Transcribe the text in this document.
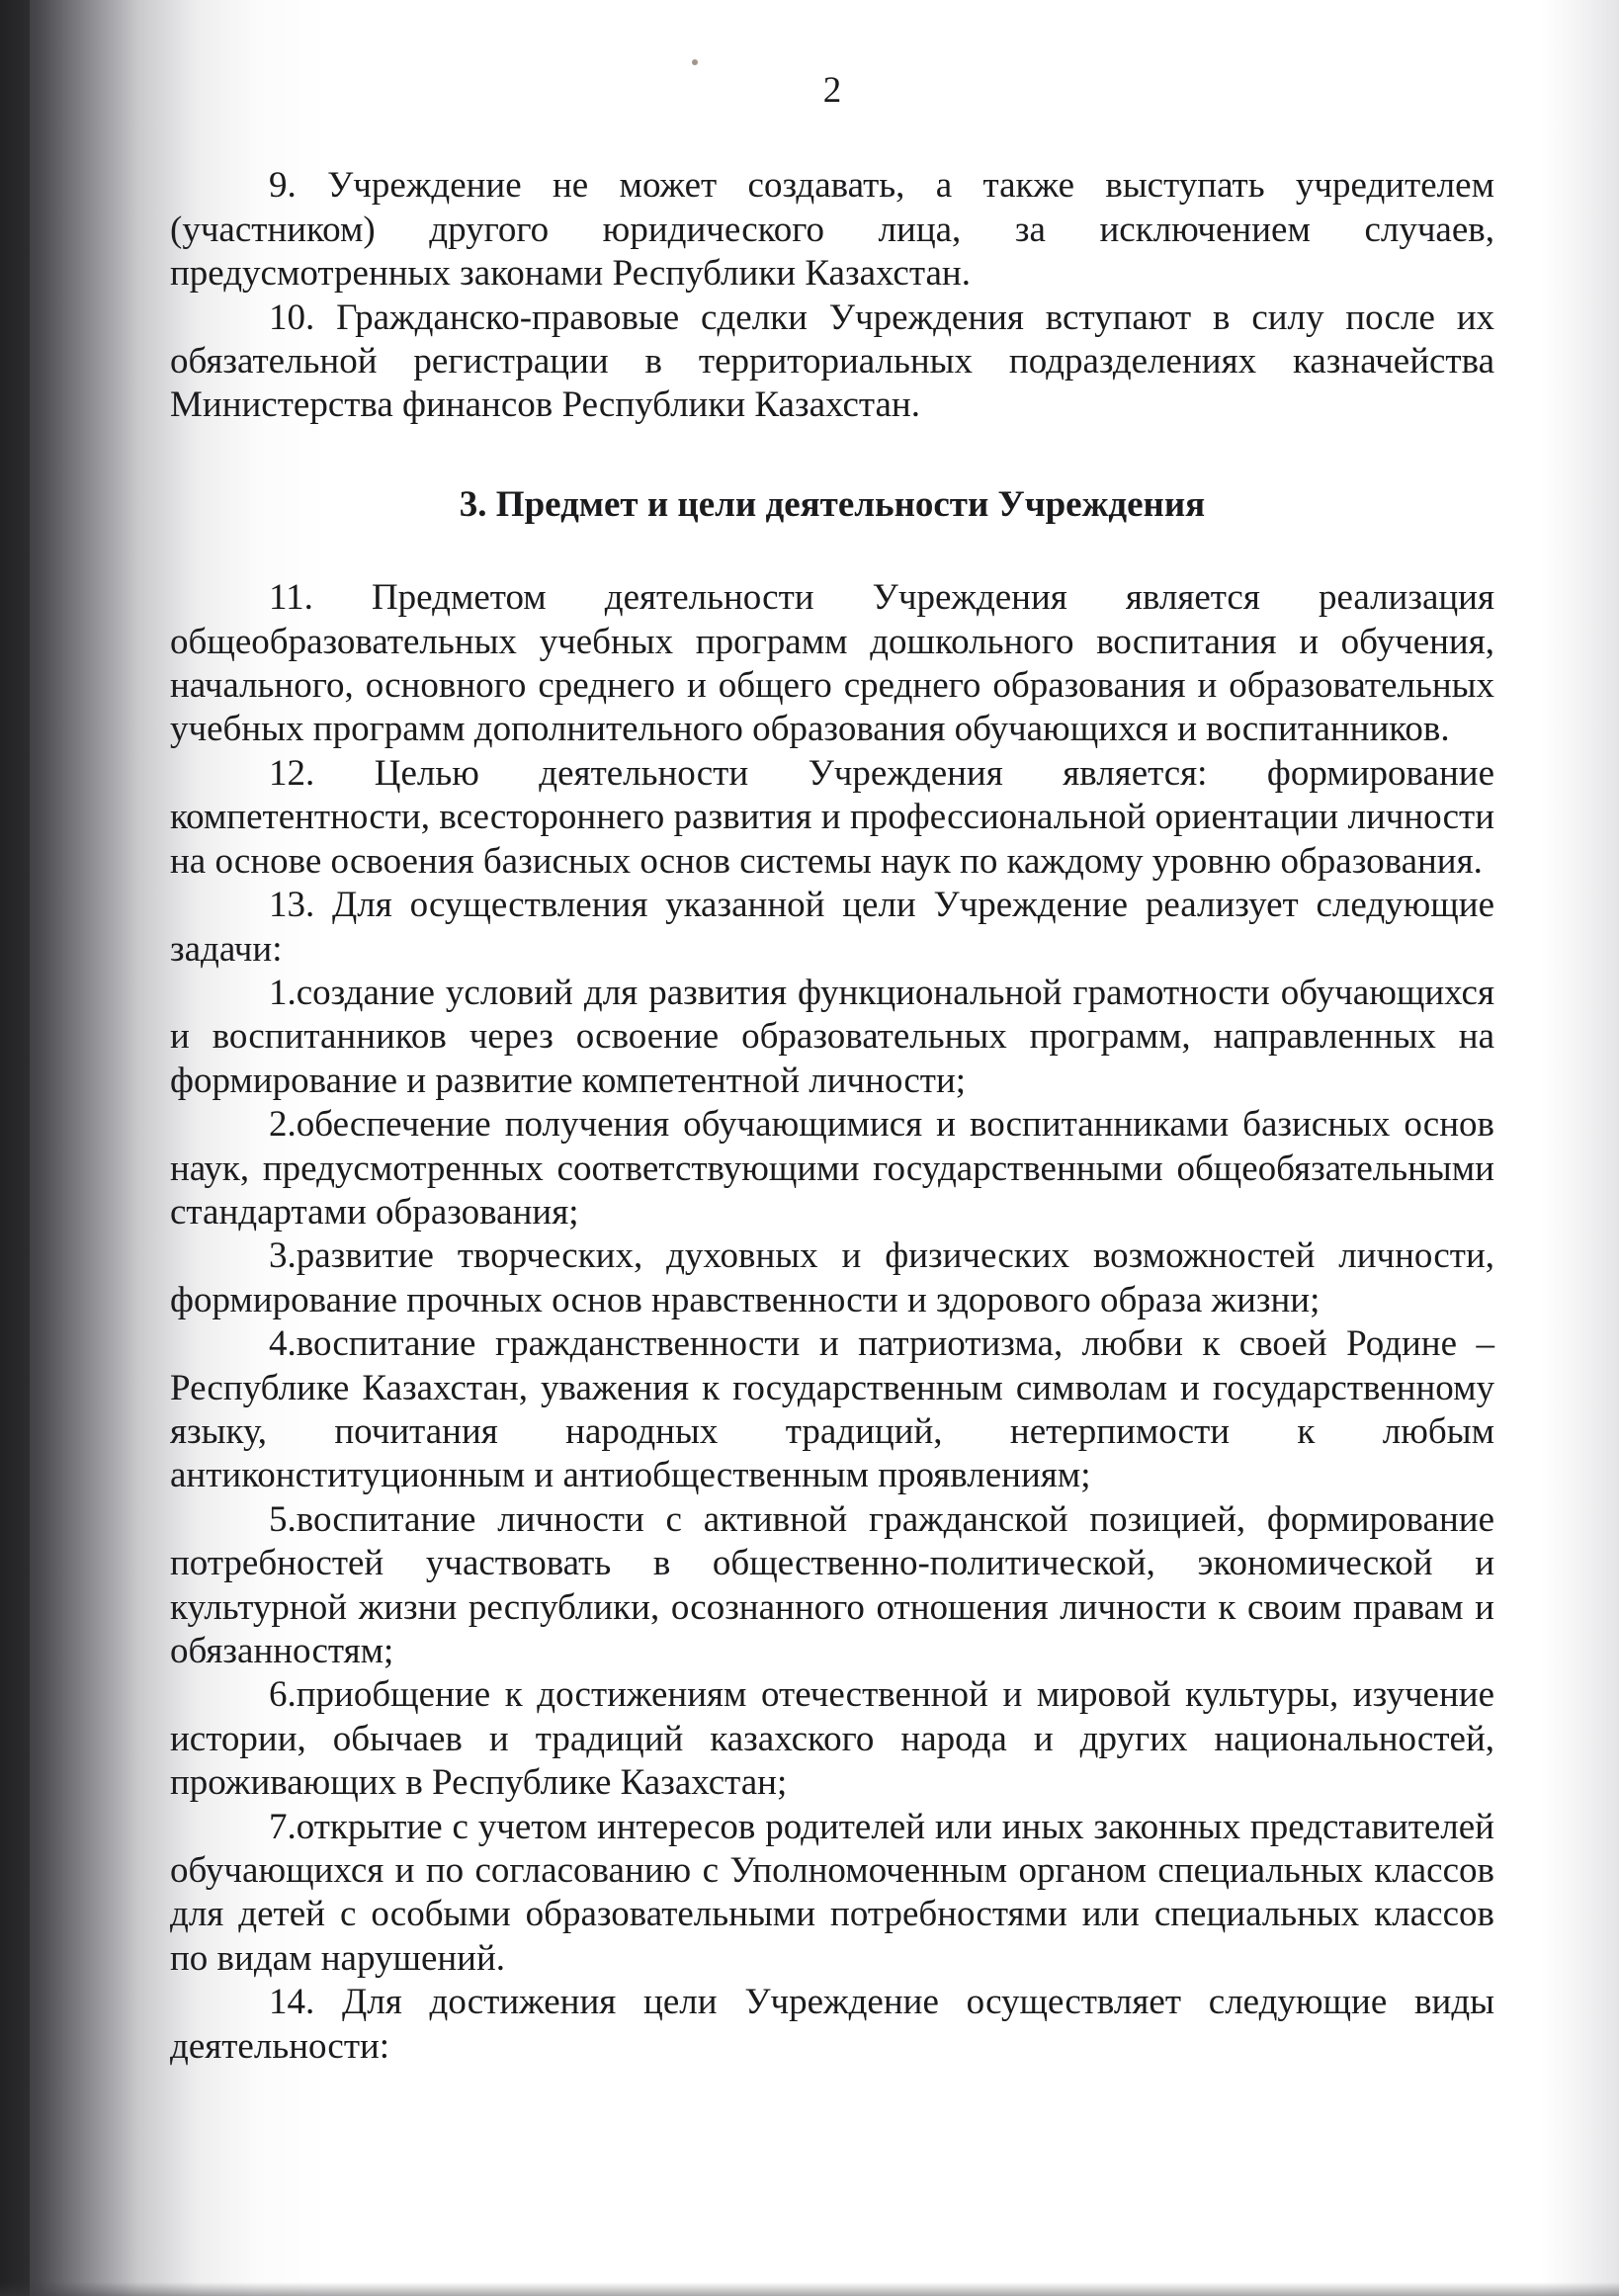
2

9. Учреждение не может создавать, а также выступать учредителем (участником) другого юридического лица, за исключением случаев, предусмотренных законами Республики Казахстан.

10. Гражданско-правовые сделки Учреждения вступают в силу после их обязательной регистрации в территориальных подразделениях казначейства Министерства финансов Республики Казахстан.

3. Предмет и цели деятельности Учреждения

11. Предметом деятельности Учреждения является реализация общеобразовательных учебных программ дошкольного воспитания и обучения, начального, основного среднего и общего среднего образования и образовательных учебных программ дополнительного образования обучающихся и воспитанников.

12. Целью деятельности Учреждения является: формирование компетентности, всестороннего развития и профессиональной ориентации личности на основе освоения базисных основ системы наук по каждому уровню образования.

13. Для осуществления указанной цели Учреждение реализует следующие задачи:

1.создание условий для развития функциональной грамотности обучающихся и воспитанников через освоение образовательных программ, направленных на формирование и развитие компетентной личности;

2.обеспечение получения обучающимися и воспитанниками базисных основ наук, предусмотренных соответствующими государственными общеобязательными стандартами образования;

3.развитие творческих, духовных и физических возможностей личности, формирование прочных основ нравственности и здорового образа жизни;

4.воспитание гражданственности и патриотизма, любви к своей Родине – Республике Казахстан, уважения к государственным символам и государственному языку, почитания народных традиций, нетерпимости к любым антиконституционным и антиобщественным проявлениям;

5.воспитание личности с активной гражданской позицией, формирование потребностей участвовать в общественно-политической, экономической и культурной жизни республики, осознанного отношения личности к своим правам и обязанностям;

6.приобщение к достижениям отечественной и мировой культуры, изучение истории, обычаев и традиций казахского народа и других национальностей, проживающих в Республике Казахстан;

7.открытие с учетом интересов родителей или иных законных представителей обучающихся и по согласованию с Уполномоченным органом специальных классов для детей с особыми образовательными потребностями или специальных классов по видам нарушений.

14. Для достижения цели Учреждение осуществляет следующие виды деятельности:
